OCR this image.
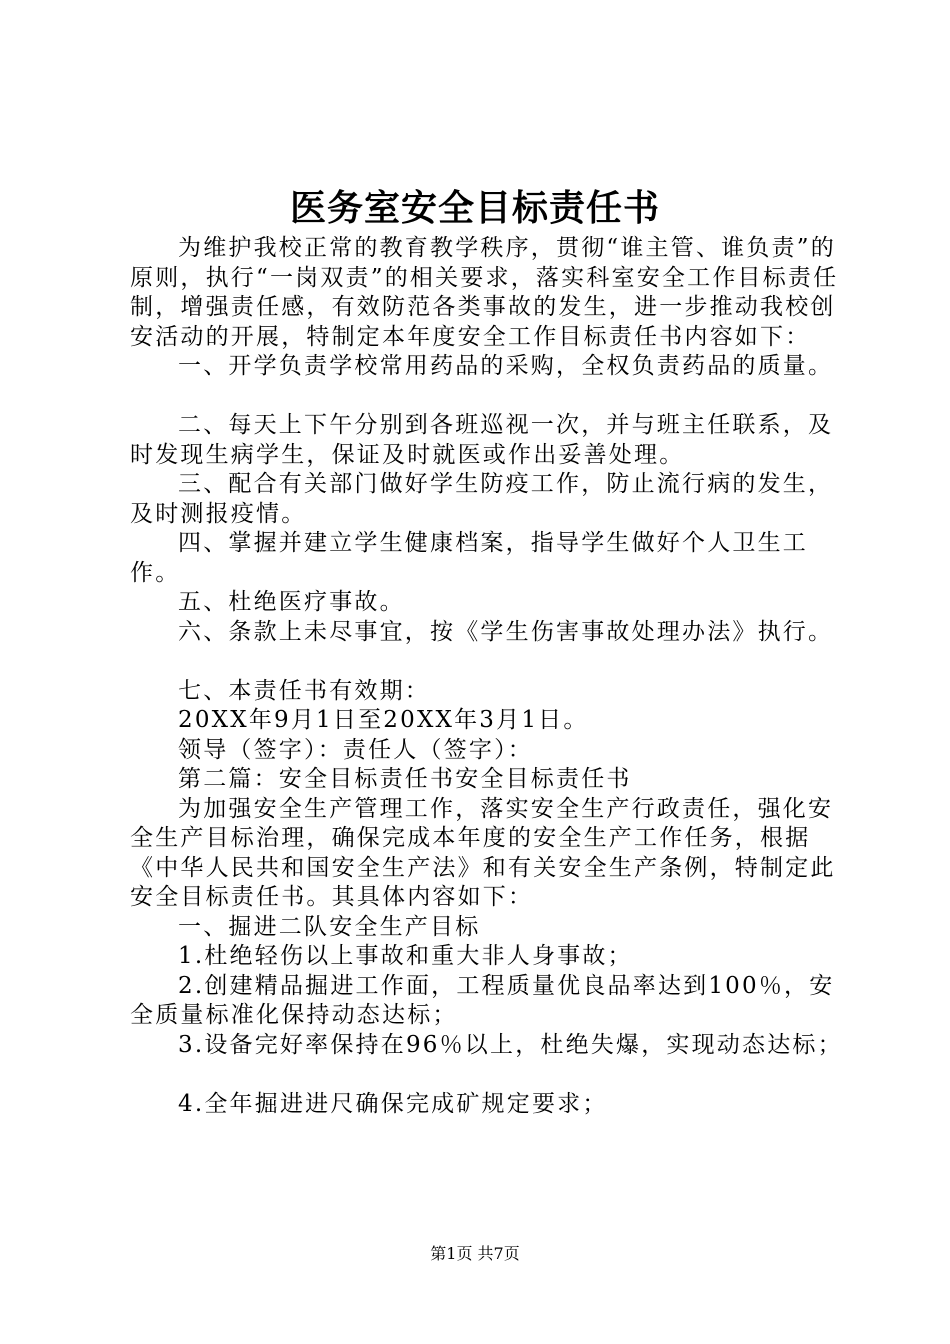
医务室安全目标责任书

为维护我校正常的教育教学秩序，贯彻“谁主管、谁负责”的原则，执行“一岗双责”的相关要求，落实科室安全工作目标责任制，增强责任感，有效防范各类事故的发生，进一步推动我校创安活动的开展，特制定本年度安全工作目标责任书内容如下：

一、开学负责学校常用药品的采购，全权负责药品的质量。

二、每天上下午分别到各班巡视一次，并与班主任联系，及时发现生病学生，保证及时就医或作出妥善处理。

三、配合有关部门做好学生防疫工作，防止流行病的发生，及时测报疫情。

四、掌握并建立学生健康档案，指导学生做好个人卫生工作。

五、杜绝医疗事故。

六、条款上未尽事宜，按《学生伤害事故处理办法》执行。

七、本责任书有效期：

20XX年9月1日至20XX年3月1日。

领导（签字）：责任人（签字）：

第二篇：安全目标责任书安全目标责任书

为加强安全生产管理工作，落实安全生产行政责任，强化安全生产目标治理，确保完成本年度的安全生产工作任务，根据《中华人民共和国安全生产法》和有关安全生产条例，特制定此安全目标责任书。其具体内容如下：

一、掘进二队安全生产目标

1.杜绝轻伤以上事故和重大非人身事故；

2.创建精品掘进工作面，工程质量优良品率达到100％，安全质量标准化保持动态达标；

3.设备完好率保持在96％以上，杜绝失爆，实现动态达标；

4.全年掘进进尺确保完成矿规定要求；

第1页 共7页
